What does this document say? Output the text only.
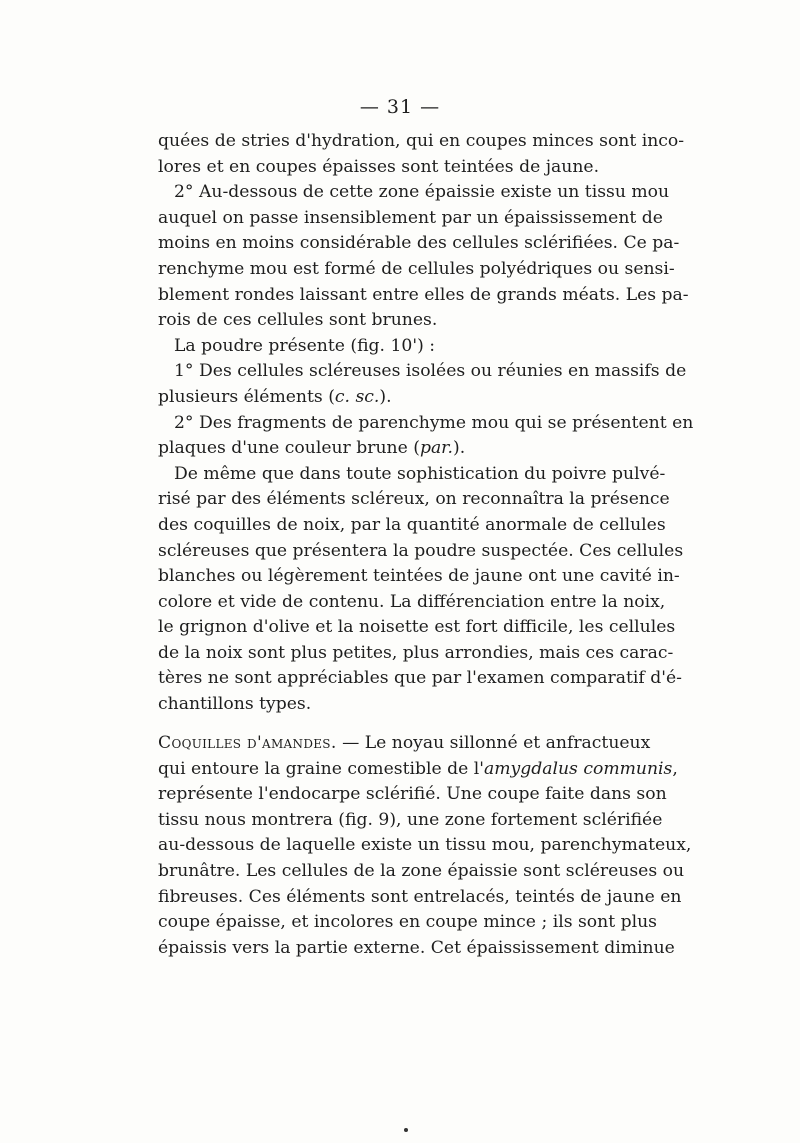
— 31 —
quées de stries d'hydration, qui en coupes minces sont inco-
lores et en coupes épaisses sont teintées de jaune.
2° Au-dessous de cette zone épaissie existe un tissu mou
auquel on passe insensiblement par un épaississement de
moins en moins considérable des cellules sclérifiées. Ce pa-
renchyme mou est formé de cellules polyédriques ou sensi-
blement rondes laissant entre elles de grands méats. Les pa-
rois de ces cellules sont brunes.
La poudre présente (fig. 10') :
1° Des cellules scléreuses isolées ou réunies en massifs de
plusieurs éléments (c. sc.).
2° Des fragments de parenchyme mou qui se présentent en
plaques d'une couleur brune (par.).
De même que dans toute sophistication du poivre pulvé-
risé par des éléments scléreux, on reconnaîtra la présence
des coquilles de noix, par la quantité anormale de cellules
scléreuses que présentera la poudre suspectée. Ces cellules
blanches ou légèrement teintées de jaune ont une cavité in-
colore et vide de contenu. La différenciation entre la noix,
le grignon d'olive et la noisette est fort difficile, les cellules
de la noix sont plus petites, plus arrondies, mais ces carac-
tères ne sont appréciables que par l'examen comparatif d'é-
chantillons types.
Coquilles d'amandes. — Le noyau sillonné et anfractueux
qui entoure la graine comestible de l'amygdalus communis,
représente l'endocarpe sclérifié. Une coupe faite dans son
tissu nous montrera (fig. 9), une zone fortement sclérifiée
au-dessous de laquelle existe un tissu mou, parenchymateux,
brunâtre. Les cellules de la zone épaissie sont scléreuses ou
fibreuses. Ces éléments sont entrelacés, teintés de jaune en
coupe épaisse, et incolores en coupe mince ; ils sont plus
épaissis vers la partie externe. Cet épaississement diminue
